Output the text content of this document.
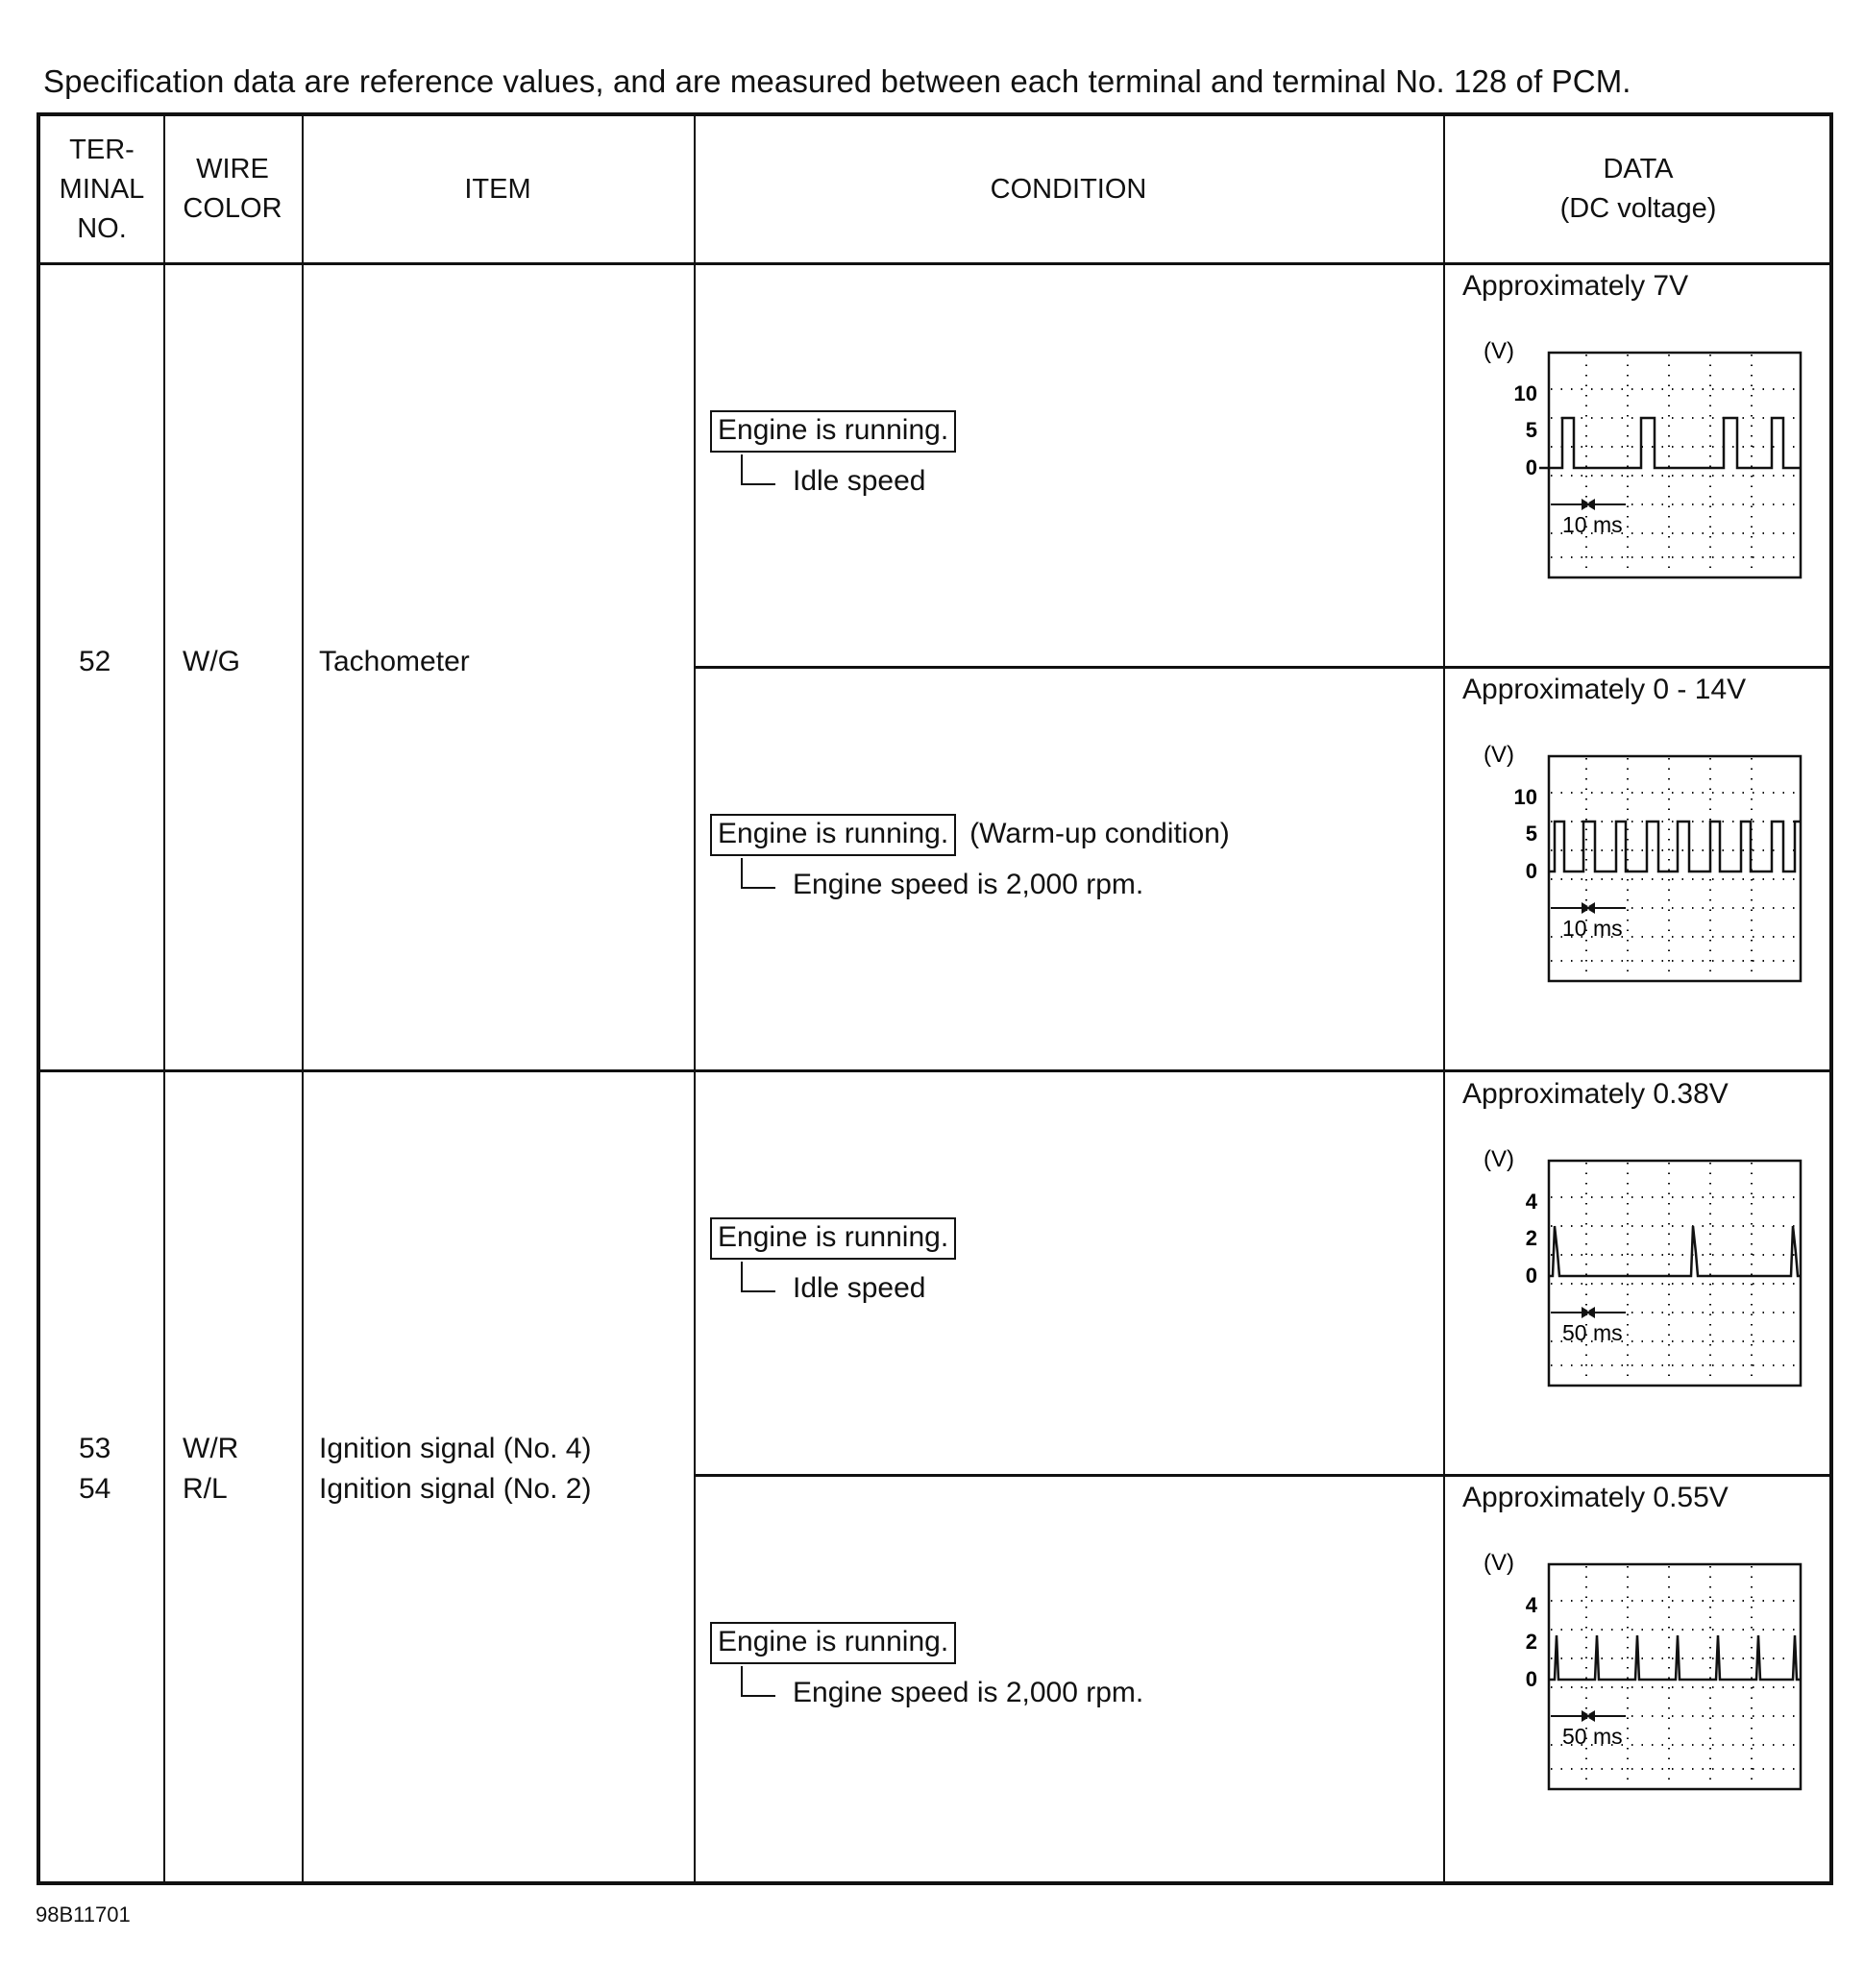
Specification data are reference values, and are measured between each terminal and terminal No. 128 of PCM.
TER-
MINAL
NO.
WIRE
COLOR
ITEM	CONDITION
DATA
(DC voltage)
52 W/G	Tachometer
53
54
W/R
R/L
Ignition signal (No. 4)
Ignition signal (No. 2)
Engine is running.
Idle speed
Engine is running. (Warm-up condition)
Engine speed is 2,000 rpm.
Engine is running.
Idle speed
Engine is running.
Engine speed is 2,000 rpm.
Approximately 7V
Approximately 0 - 14V
Approximately 0.38V
Approximately 0.55V
(V)
10
5
0
10 ms
(V)
10
5
0
10 ms
(V)
4
2
0
50 ms
(V)
4
2
0
50 ms
98B11701
